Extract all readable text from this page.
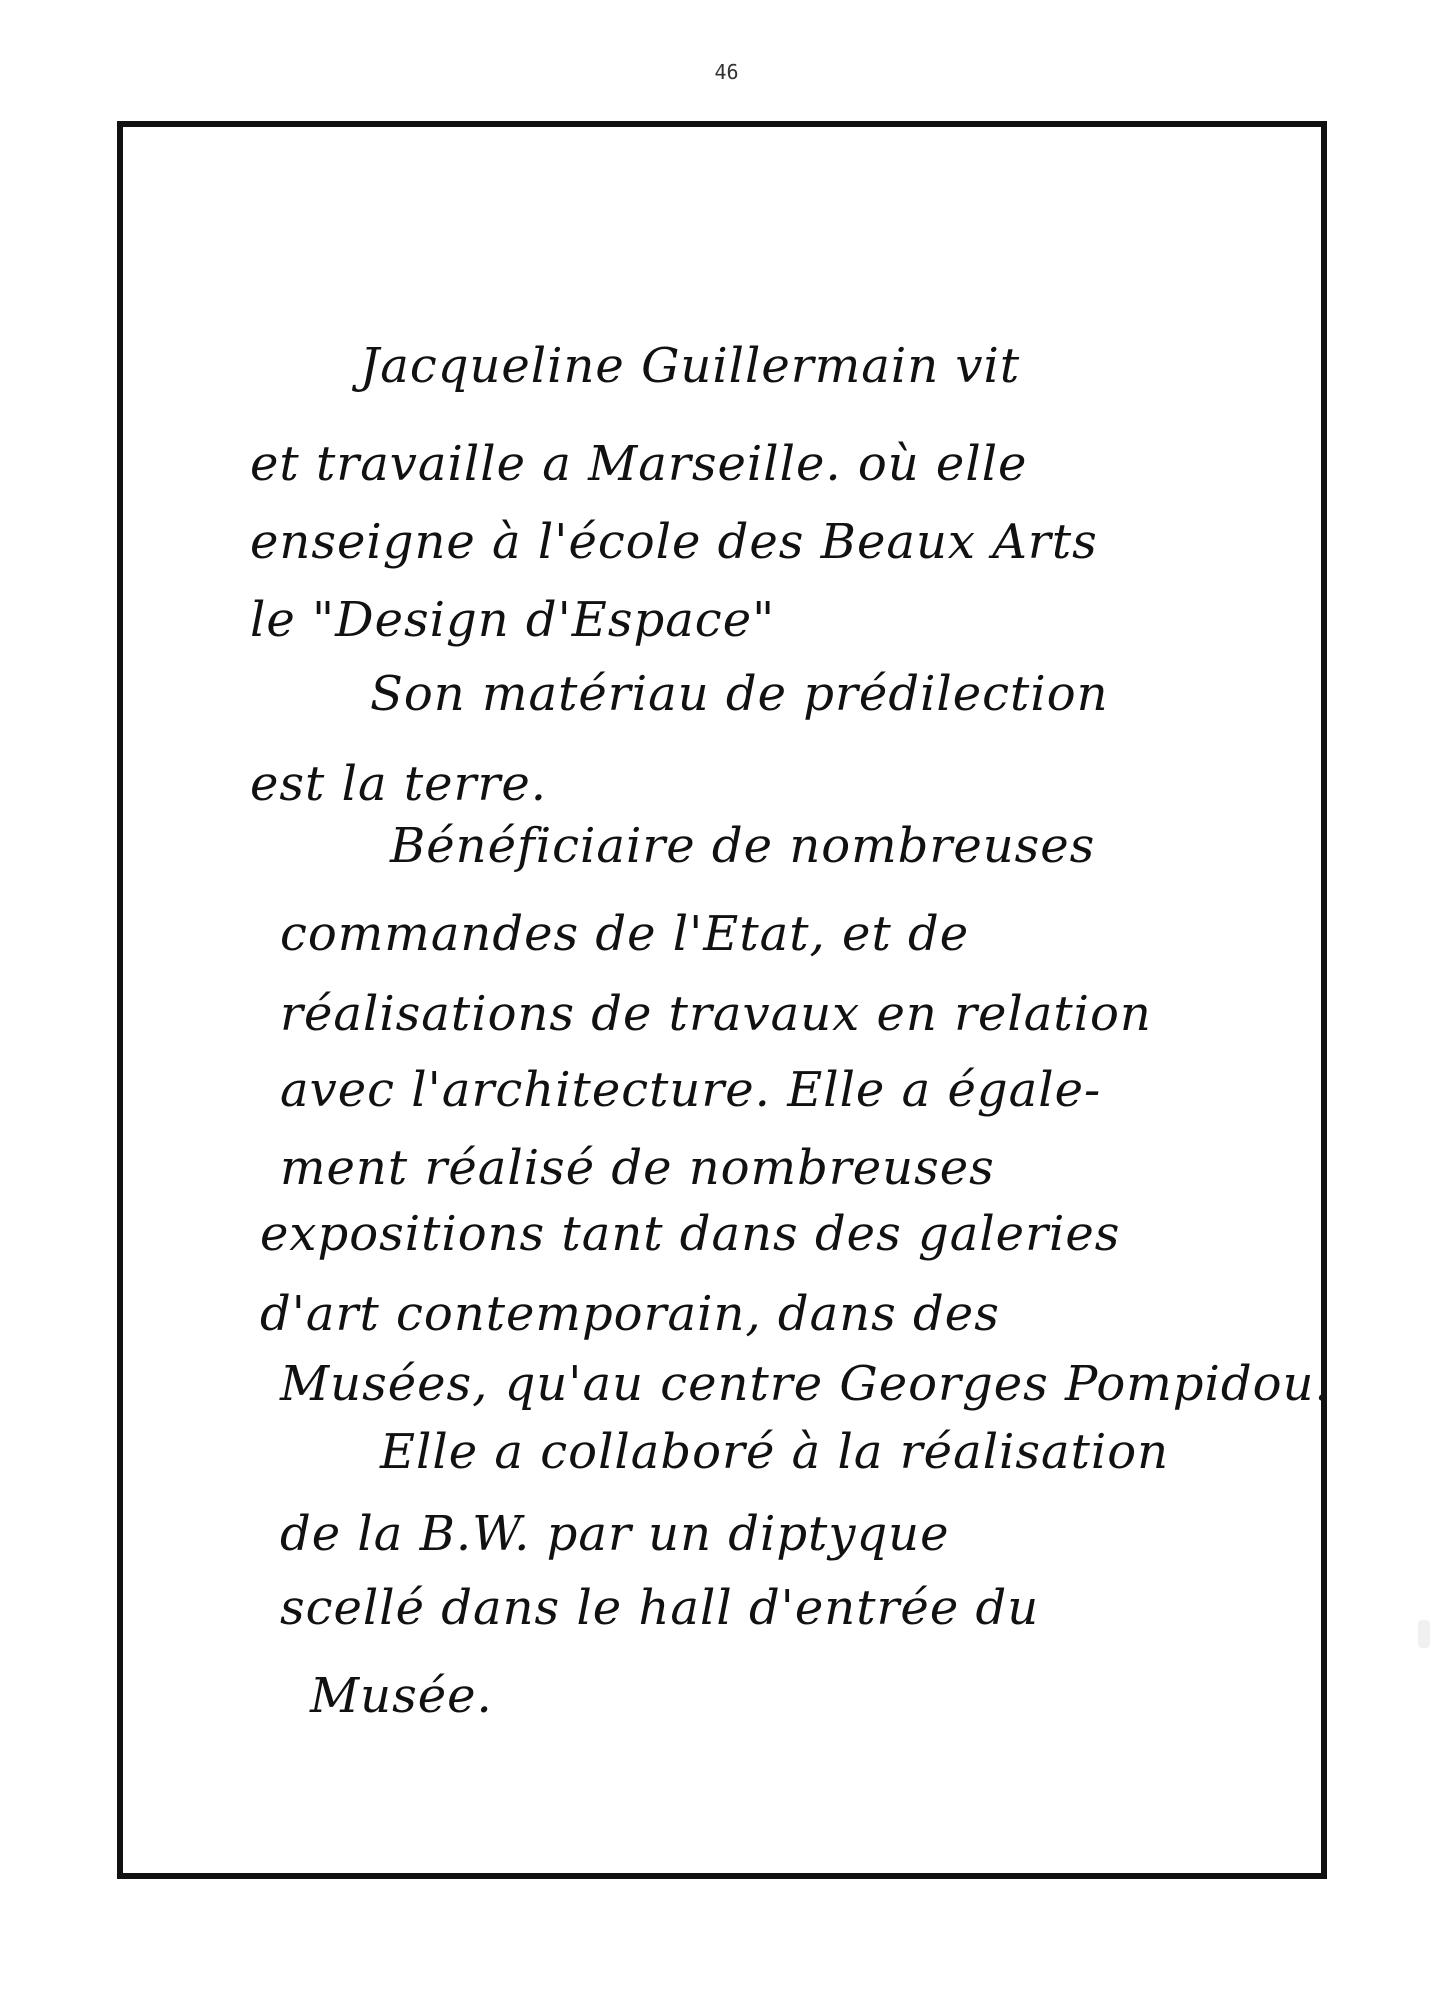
46
Jacqueline Guillermain vit
et travaille a Marseille. où elle
enseigne à l'école des Beaux Arts
le "Design d'Espace"
Son matériau de prédilection
est la terre.
Bénéficiaire de nombreuses
commandes de l'Etat, et de
réalisations de travaux en relation
avec l'architecture. Elle a égale-
ment réalisé de nombreuses
expositions tant dans des galeries
d'art contemporain, dans des
Musées, qu'au centre Georges Pompidou.
Elle a collaboré à la réalisation
de la B.W. par un diptyque
scellé dans le hall d'entrée du
Musée.
